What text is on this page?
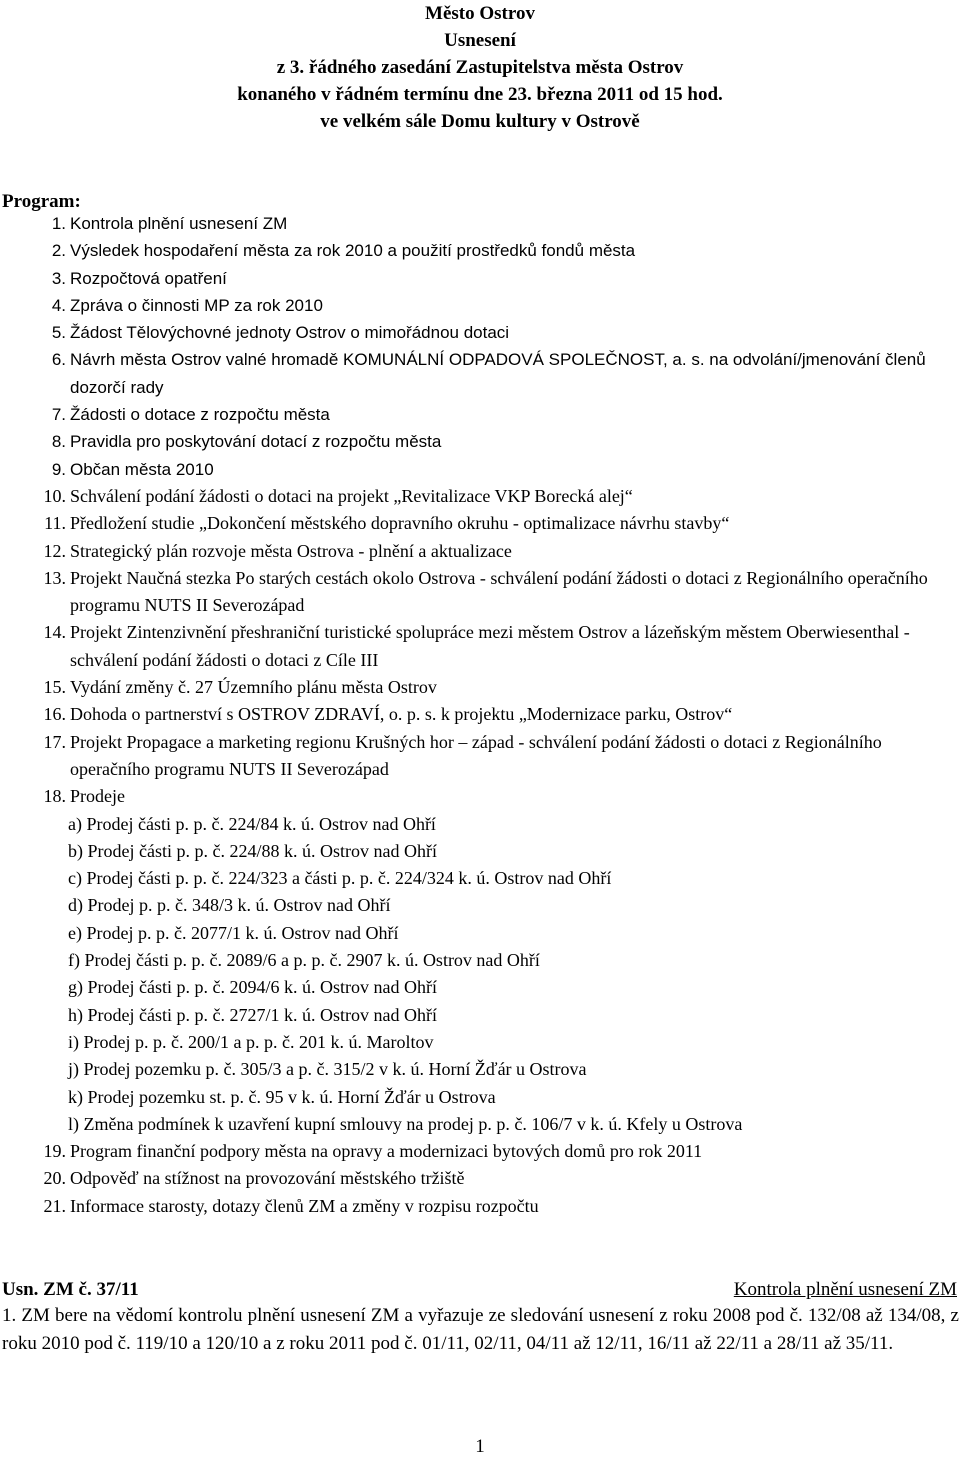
Město Ostrov
Usnesení
z 3. řádného zasedání Zastupitelstva města Ostrov
konaného v řádném termínu dne 23. března 2011 od 15 hod.
ve velkém sále Domu kultury v Ostrově
Program:
1. Kontrola plnění usnesení ZM
2. Výsledek hospodaření města za rok 2010 a použití prostředků fondů města
3. Rozpočtová opatření
4. Zpráva o činnosti MP za rok 2010
5. Žádost Tělovýchovné jednoty Ostrov o mimořádnou dotaci
6. Návrh města Ostrov valné hromadě KOMUNÁLNÍ ODPADOVÁ SPOLEČNOST, a. s. na odvolání/jmenování členů dozorčí rady
7. Žádosti o dotace z rozpočtu města
8. Pravidla pro poskytování dotací z rozpočtu města
9. Občan města 2010
10. Schválení podání žádosti o dotaci na projekt „Revitalizace VKP Borecká alej“
11. Předložení studie „Dokončení městského dopravního okruhu - optimalizace návrhu stavby“
12. Strategický plán rozvoje města Ostrova - plnění a aktualizace
13. Projekt Naučná stezka Po starých cestách okolo Ostrova - schválení podání žádosti o dotaci z Regionálního operačního programu NUTS II Severozápad
14. Projekt Zintenzivnění přeshraniční turistické spolupráce mezi městem Ostrov a lázeňským městem Oberwiesenthal - schválení podání žádosti o dotaci z Cíle III
15. Vydání změny č. 27 Územního plánu města Ostrov
16. Dohoda o partnerství s OSTROV ZDRAVÍ, o. p. s. k projektu „Modernizace parku, Ostrov“
17. Projekt Propagace a marketing regionu Krušných hor – západ - schválení podání žádosti o dotaci z Regionálního operačního programu NUTS II Severozápad
18. Prodeje
a) Prodej části p. p. č. 224/84 k. ú. Ostrov nad Ohří
b) Prodej části p. p. č. 224/88 k. ú. Ostrov nad Ohří
c) Prodej části p. p. č. 224/323 a části p. p. č. 224/324 k. ú. Ostrov nad Ohří
d) Prodej p. p. č. 348/3 k. ú. Ostrov nad Ohří
e) Prodej p. p. č. 2077/1 k. ú. Ostrov nad Ohří
f) Prodej části p. p. č. 2089/6 a p. p. č. 2907 k. ú. Ostrov nad Ohří
g) Prodej části p. p. č. 2094/6 k. ú. Ostrov nad Ohří
h) Prodej části p. p. č. 2727/1 k. ú. Ostrov nad Ohří
i) Prodej p. p. č. 200/1 a p. p. č. 201 k. ú. Maroltov
j) Prodej pozemku p. č. 305/3 a p. č. 315/2 v k. ú. Horní Žďár u Ostrova
k) Prodej pozemku st. p. č. 95 v k. ú. Horní Žďár u Ostrova
l) Změna podmínek k uzavření kupní smlouvy na prodej p. p. č. 106/7 v k. ú. Kfely u Ostrova
19. Program finanční podpory města na opravy a modernizaci bytových domů pro rok 2011
20. Odpověď na stížnost na provozování městského tržiště
21. Informace starosty, dotazy členů ZM a změny v rozpisu rozpočtu
Usn. ZM č. 37/11	Kontrola plnění usnesení ZM
1. ZM bere na vědomí kontrolu plnění usnesení ZM a vyřazuje ze sledování usnesení z roku 2008 pod č. 132/08 až 134/08, z roku 2010 pod č. 119/10 a 120/10 a z roku 2011 pod č. 01/11, 02/11, 04/11 až 12/11, 16/11 až 22/11 a 28/11 až 35/11.
1
